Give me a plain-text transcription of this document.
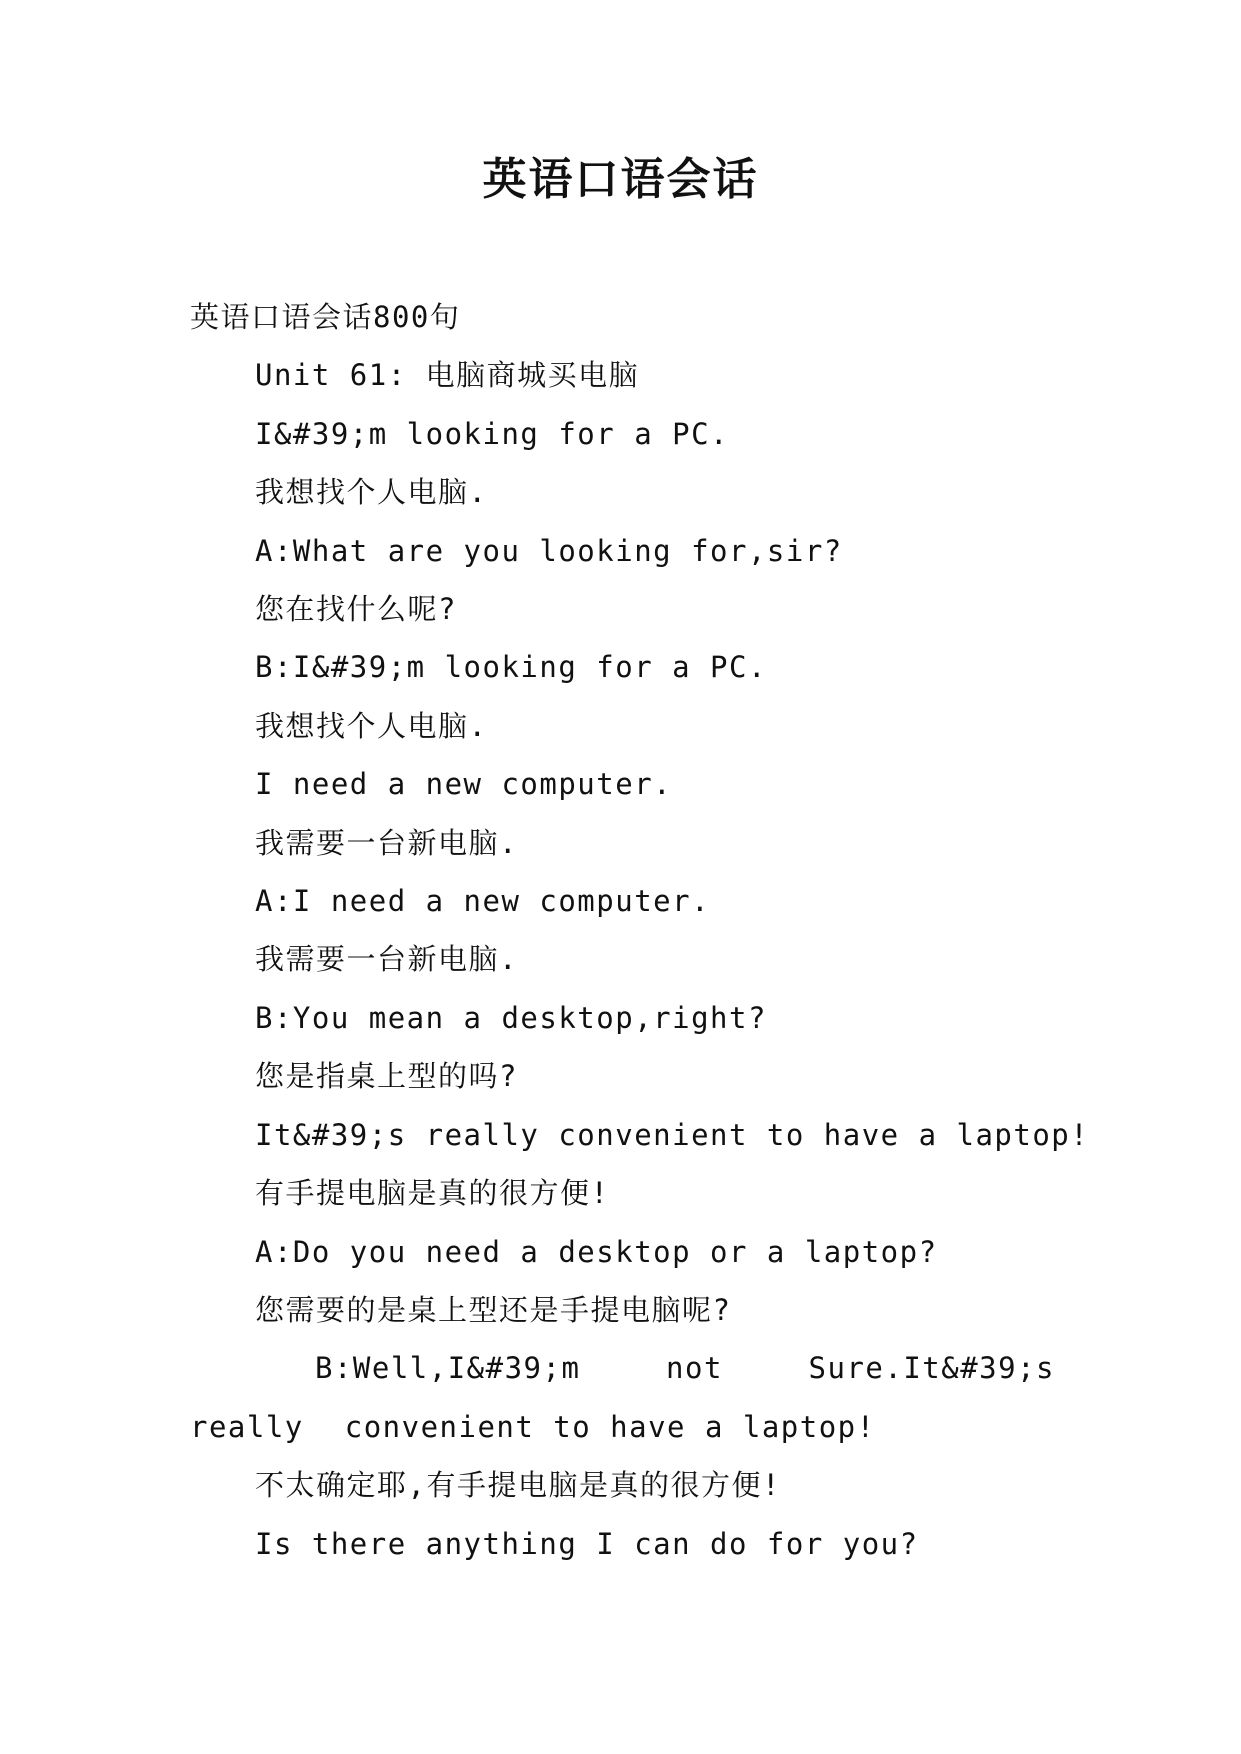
英语口语会话

英语口语会话800句

Unit 61: 电脑商城买电脑

I&#39;m looking for a PC.

我想找个人电脑.

A:What are you looking for,sir?

您在找什么呢?

B:I&#39;m looking for a PC.

我想找个人电脑.

I need a new computer.

我需要一台新电脑.

A:I need a new computer.

我需要一台新电脑.

B:You mean a desktop,right?

您是指桌上型的吗?

It&#39;s really convenient to have a laptop!

有手提电脑是真的很方便!

A:Do you need a desktop or a laptop?

您需要的是桌上型还是手提电脑呢?

B:Well,I&#39;m not Sure.It&#39;s really convenient to have a laptop!

不太确定耶,有手提电脑是真的很方便!

Is there anything I can do for you?
